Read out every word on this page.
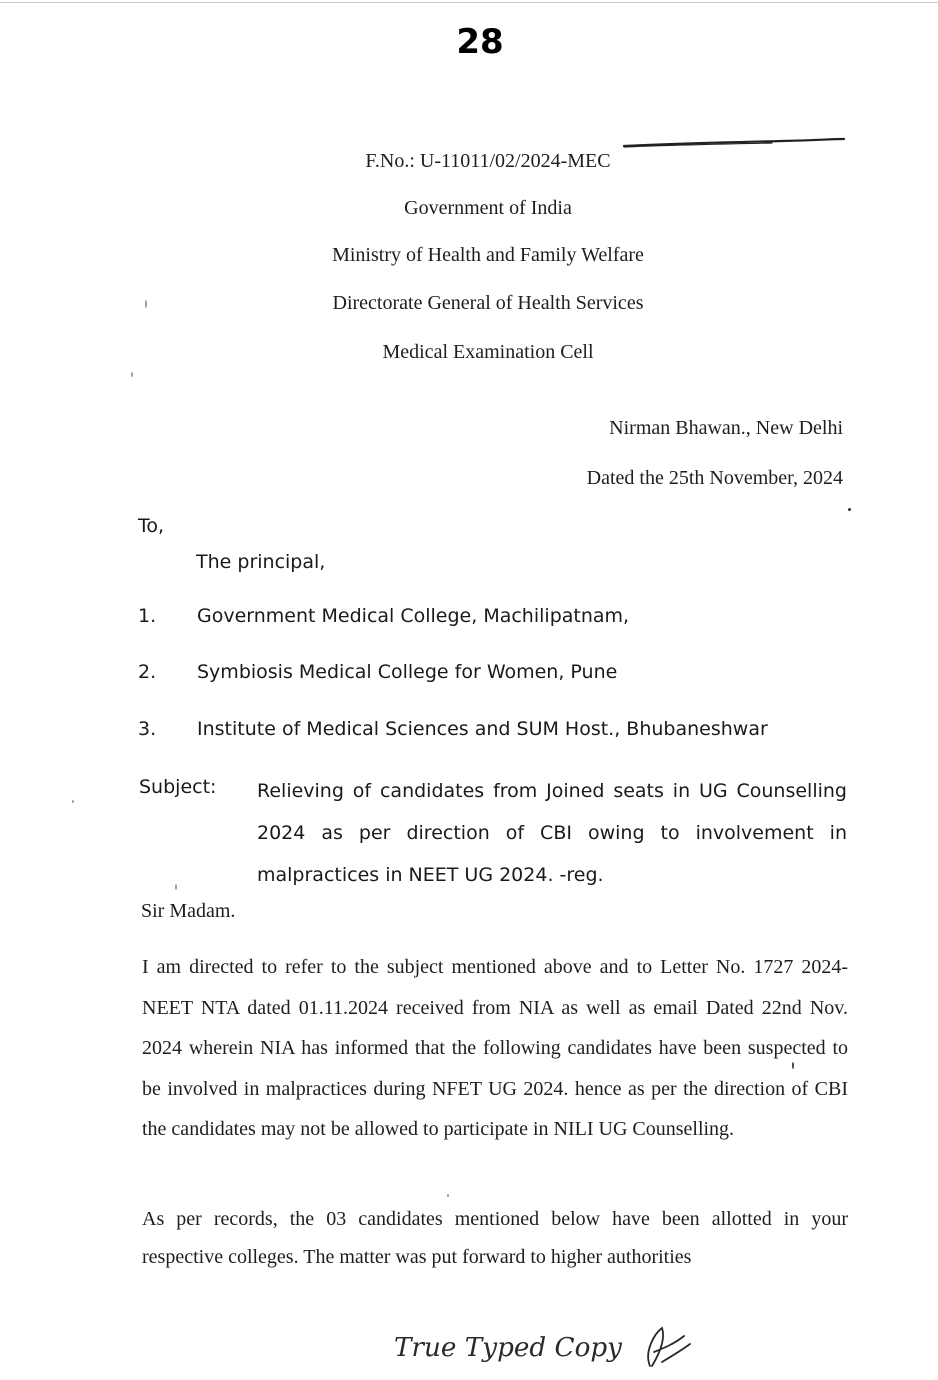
28
F.No.: U-11011/02/2024-MEC
Government of India
Ministry of Health and Family Welfare
Directorate General of Health Services
Medical Examination Cell
Nirman Bhawan., New Delhi
Dated the 25th November, 2024
To,
The principal,
1. Government Medical College, Machilipatnam,
2. Symbiosis Medical College for Women, Pune
3. Institute of Medical Sciences and SUM Host., Bhubaneshwar
Subject: Relieving of candidates from Joined seats in UG Counselling 2024 as per direction of CBI owing to involvement in malpractices in NEET UG 2024. -reg.
Sir Madam.
I am directed to refer to the subject mentioned above and to Letter No. 1727 2024-NEET NTA dated 01.11.2024 received from NIA as well as email Dated 22nd Nov. 2024 wherein NIA has informed that the following candidates have been suspected to be involved in malpractices during NFET UG 2024. hence as per the direction of CBI the candidates may not be allowed to participate in NILI UG Counselling.
As per records, the 03 candidates mentioned below have been allotted in your respective colleges. The matter was put forward to higher authorities
True Typed Copy
